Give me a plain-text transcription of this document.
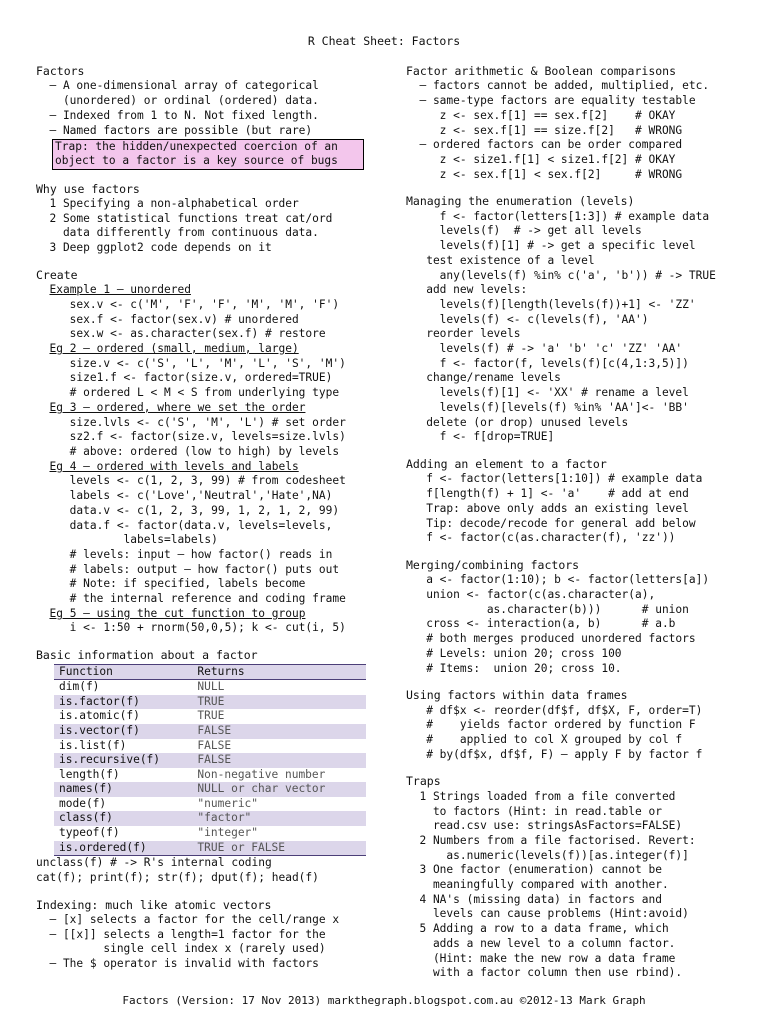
R Cheat Sheet: Factors
Factors
– A one-dimensional array of categorical
(unordered) or ordinal (ordered) data.
– Indexed from 1 to N. Not fixed length.
– Named factors are possible (but rare)
Trap: the hidden/unexpected coercion of an
object to a factor is a key source of bugs
Why use factors
1 Specifying a non-alphabetical order
2 Some statistical functions treat cat/ord
data differently from continuous data.
3 Deep ggplot2 code depends on it
Create
Example 1 – unordered
sex.v <- c('M', 'F', 'F', 'M', 'M', 'F')
sex.f <- factor(sex.v) # unordered
sex.w <- as.character(sex.f) # restore
Eg 2 – ordered (small, medium, large)
size.v <- c('S', 'L', 'M', 'L', 'S', 'M')
size1.f <- factor(size.v, ordered=TRUE)
# ordered L < M < S from underlying type
Eg 3 – ordered, where we set the order
size.lvls <- c('S', 'M', 'L') # set order
sz2.f <- factor(size.v, levels=size.lvls)
# above: ordered (low to high) by levels
Eg 4 – ordered with levels and labels
levels <- c(1, 2, 3, 99) # from codesheet
labels <- c('Love','Neutral','Hate',NA)
data.v <- c(1, 2, 3, 99, 1, 2, 1, 2, 99)
data.f <- factor(data.v, levels=levels,
labels=labels)
# levels: input – how factor() reads in
# labels: output – how factor() puts out
# Note: if specified, labels become
# the internal reference and coding frame
Eg 5 – using the cut function to group
i <- 1:50 + rnorm(50,0,5); k <- cut(i, 5)
Basic information about a factor
Function	Returns
dim(f)	NULL
is.factor(f)	TRUE
is.atomic(f)	TRUE
is.vector(f)	FALSE
is.list(f)	FALSE
is.recursive(f)	FALSE
length(f)	Non-negative number
names(f)	NULL or char vector
mode(f)	"numeric"
class(f)	"factor"
typeof(f)	"integer"
is.ordered(f)	TRUE or FALSE
unclass(f) # -> R's internal coding
cat(f); print(f); str(f); dput(f); head(f)
Indexing: much like atomic vectors
– [x] selects a factor for the cell/range x
– [[x]] selects a length=1 factor for the
single cell index x (rarely used)
– The $ operator is invalid with factors
Factor arithmetic & Boolean comparisons
– factors cannot be added, multiplied, etc.
– same-type factors are equality testable
z <- sex.f[1] == sex.f[2]    # OKAY
z <- sex.f[1] == size.f[2]   # WRONG
– ordered factors can be order compared
z <- size1.f[1] < size1.f[2] # OKAY
z <- sex.f[1] < sex.f[2]     # WRONG
Managing the enumeration (levels)
f <- factor(letters[1:3]) # example data
levels(f)  # -> get all levels
levels(f)[1] # -> get a specific level
test existence of a level
any(levels(f) %in% c('a', 'b')) # -> TRUE
add new levels:
levels(f)[length(levels(f))+1] <- 'ZZ'
levels(f) <- c(levels(f), 'AA')
reorder levels
levels(f) # -> 'a' 'b' 'c' 'ZZ' 'AA'
f <- factor(f, levels(f)[c(4,1:3,5)])
change/rename levels
levels(f)[1] <- 'XX' # rename a level
levels(f)[levels(f) %in% 'AA']<- 'BB'
delete (or drop) unused levels
f <- f[drop=TRUE]
Adding an element to a factor
f <- factor(letters[1:10]) # example data
f[length(f) + 1] <- 'a'    # add at end
Trap: above only adds an existing level
Tip: decode/recode for general add below
f <- factor(c(as.character(f), 'zz'))
Merging/combining factors
a <- factor(1:10); b <- factor(letters[a])
union <- factor(c(as.character(a),
as.character(b)))      # union
cross <- interaction(a, b)      # a.b
# both merges produced unordered factors
# Levels: union 20; cross 100
# Items:  union 20; cross 10.
Using factors within data frames
# df$x <- reorder(df$f, df$X, F, order=T)
#    yields factor ordered by function F
#    applied to col X grouped by col f
# by(df$x, df$f, F) – apply F by factor f
Traps
1 Strings loaded from a file converted
to factors (Hint: in read.table or
read.csv use: stringsAsFactors=FALSE)
2 Numbers from a file factorised. Revert:
as.numeric(levels(f))[as.integer(f)]
3 One factor (enumeration) cannot be
meaningfully compared with another.
4 NA's (missing data) in factors and
levels can cause problems (Hint:avoid)
5 Adding a row to a data frame, which
adds a new level to a column factor.
(Hint: make the new row a data frame
with a factor column then use rbind).
Factors (Version: 17 Nov 2013) markthegraph.blogspot.com.au ©2012-13 Mark Graph
